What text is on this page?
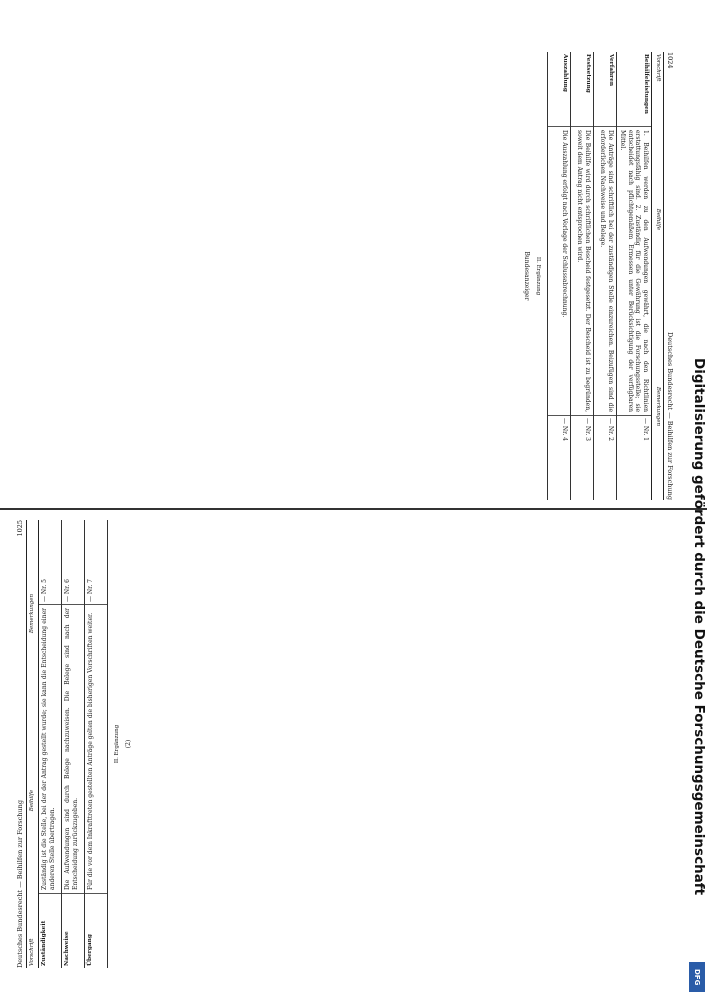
1024
Deutsches Bundesrecht — Beihilfen zur Forschung
Vorschrift
Beihilfe
Bemerkungen
Beihilfeleistungen
1. Beihilfen werden zu den Aufwendungen gewährt, die nach den Richtlinien erstattungsfähig sind. 2. Zuständig für die Gewährung ist die Forschungsstelle; sie entscheidet nach pflichtgemäßem Ermessen unter Berücksichtigung der verfügbaren Mittel.
— Nr. 1
Verfahren
Die Anträge sind schriftlich bei der zuständigen Stelle einzureichen. Beizufügen sind die erforderlichen Nachweise und Belege.
— Nr. 2
Festsetzung
Die Beihilfe wird durch schriftlichen Bescheid festgesetzt. Der Bescheid ist zu begründen, soweit dem Antrag nicht entsprochen wird.
— Nr. 3
Auszahlung
Die Auszahlung erfolgt nach Vorlage der Schlussabrechnung.
— Nr. 4
II. Ergänzung
Bundesanzeiger
Deutsches Bundesrecht — Beihilfen zur Forschung
1025
Vorschrift
Beihilfe
Bemerkungen
Zuständigkeit
Zuständig ist die Stelle, bei der der Antrag gestellt wurde; sie kann die Entscheidung einer anderen Stelle übertragen.
— Nr. 5
Nachweise
Die Aufwendungen sind durch Belege nachzuweisen. Die Belege sind nach der Entscheidung zurückzugeben.
— Nr. 6
Übergang
Für die vor dem Inkrafttreten gestellten Anträge gelten die bisherigen Vorschriften weiter.
— Nr. 7
II. Ergänzung (2)	Digitalisierung gefördert durch die Deutsche Forschungsgemeinschaft
DFG
